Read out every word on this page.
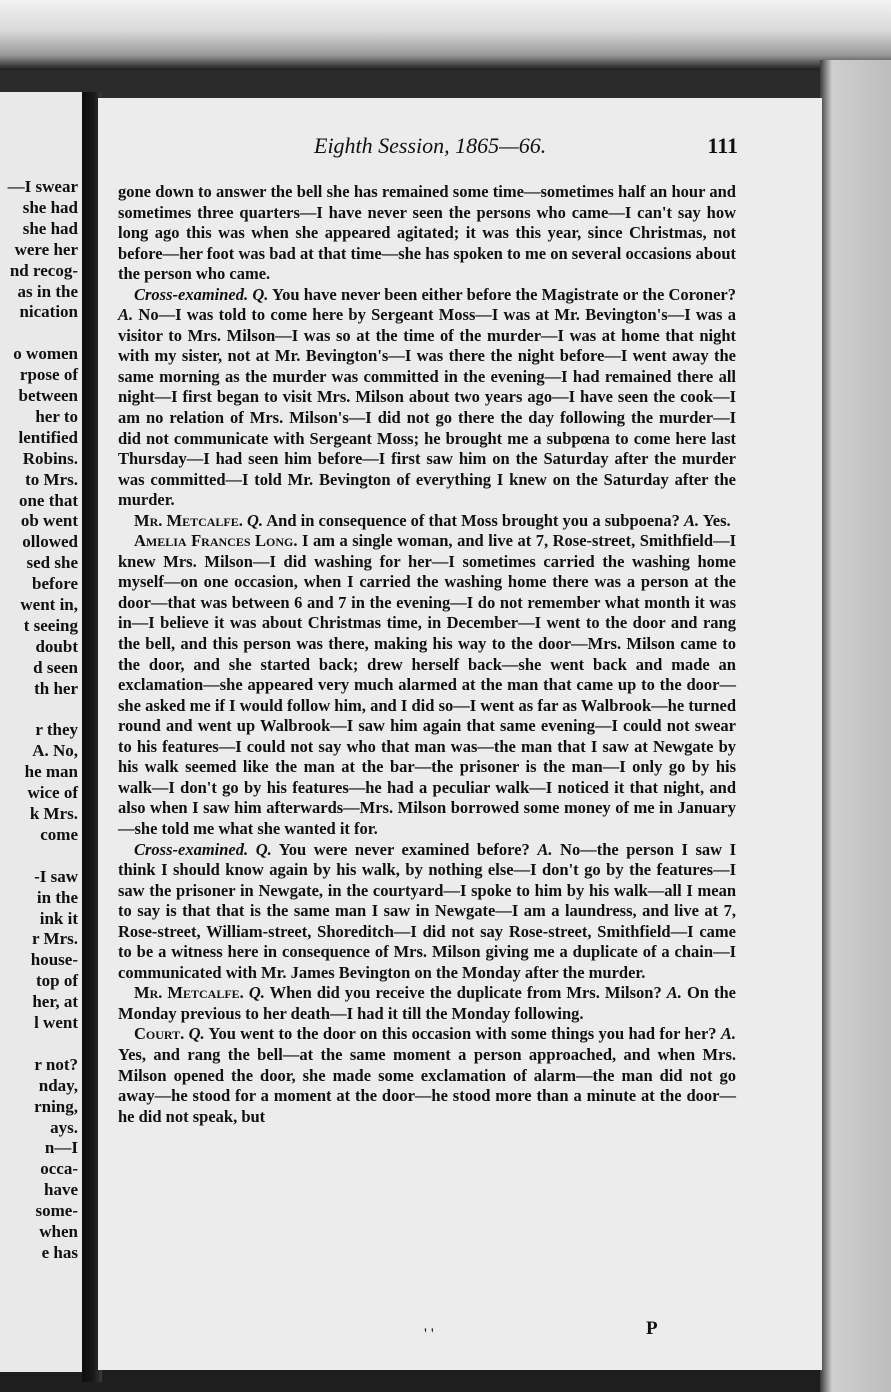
—I swear
she had
she had
were her
nd recog-
as in the
nication
o women
rpose of
between
her to
lentified
Robins.
to Mrs.
one that
ob went
ollowed
sed she
before
went in,
t seeing
doubt
d seen
th her
r they
A. No,
he man
wice of
k Mrs.
come
-I saw
in the
ink it
r Mrs.
house-
top of
her, at
l went
r not?
nday,
rning,
ays.
n—I
occa-
have
some-
when
e has
Eighth Session, 1865—66.	111

gone down to answer the bell she has remained some time—sometimes half an hour and sometimes three quarters—I have never seen the persons who came—I can't say how long ago this was when she appeared agitated; it was this year, since Christmas, not before—her foot was bad at that time—she has spoken to me on several occasions about the person who came.

Cross-examined. Q. You have never been either before the Magistrate or the Coroner? A. No—I was told to come here by Sergeant Moss—I was at Mr. Bevington's—I was a visitor to Mrs. Milson—I was so at the time of the murder—I was at home that night with my sister, not at Mr. Bevington's—I was there the night before—I went away the same morning as the murder was committed in the evening—I had remained there all night—I first began to visit Mrs. Milson about two years ago—I have seen the cook—I am no relation of Mrs. Milson's—I did not go there the day following the murder—I did not communicate with Sergeant Moss; he brought me a subpœna to come here last Thursday—I had seen him before—I first saw him on the Saturday after the murder was committed—I told Mr. Bevington of everything I knew on the Saturday after the murder.

Mr. Metcalfe. Q. And in consequence of that Moss brought you a subpoena? A. Yes.

Amelia Frances Long. I am a single woman, and live at 7, Rose-street, Smithfield—I knew Mrs. Milson—I did washing for her—I sometimes carried the washing home myself—on one occasion, when I carried the washing home there was a person at the door—that was between 6 and 7 in the evening—I do not remember what month it was in—I believe it was about Christmas time, in December—I went to the door and rang the bell, and this person was there, making his way to the door—Mrs. Milson came to the door, and she started back; drew herself back—she went back and made an exclamation—she appeared very much alarmed at the man that came up to the door—she asked me if I would follow him, and I did so—I went as far as Walbrook—he turned round and went up Walbrook—I saw him again that same evening—I could not swear to his features—I could not say who that man was—the man that I saw at Newgate by his walk seemed like the man at the bar—the prisoner is the man—I only go by his walk—I don't go by his features—he had a peculiar walk—I noticed it that night, and also when I saw him afterwards—Mrs. Milson borrowed some money of me in January—she told me what she wanted it for.

Cross-examined. Q. You were never examined before? A. No—the person I saw I think I should know again by his walk, by nothing else—I don't go by the features—I saw the prisoner in Newgate, in the courtyard—I spoke to him by his walk—all I mean to say is that that is the same man I saw in Newgate—I am a laundress, and live at 7, Rose-street, William-street, Shoreditch—I did not say Rose-street, Smithfield—I came to be a witness here in consequence of Mrs. Milson giving me a duplicate of a chain—I communicated with Mr. James Bevington on the Monday after the murder.

Mr. Metcalfe. Q. When did you receive the duplicate from Mrs. Milson? A. On the Monday previous to her death—I had it till the Monday following.

Court. Q. You went to the door on this occasion with some things you had for her? A. Yes, and rang the bell—at the same moment a person approached, and when Mrs. Milson opened the door, she made some exclamation of alarm—the man did not go away—he stood for a moment at the door—he stood more than a minute at the door—he did not speak, but

' '	P
